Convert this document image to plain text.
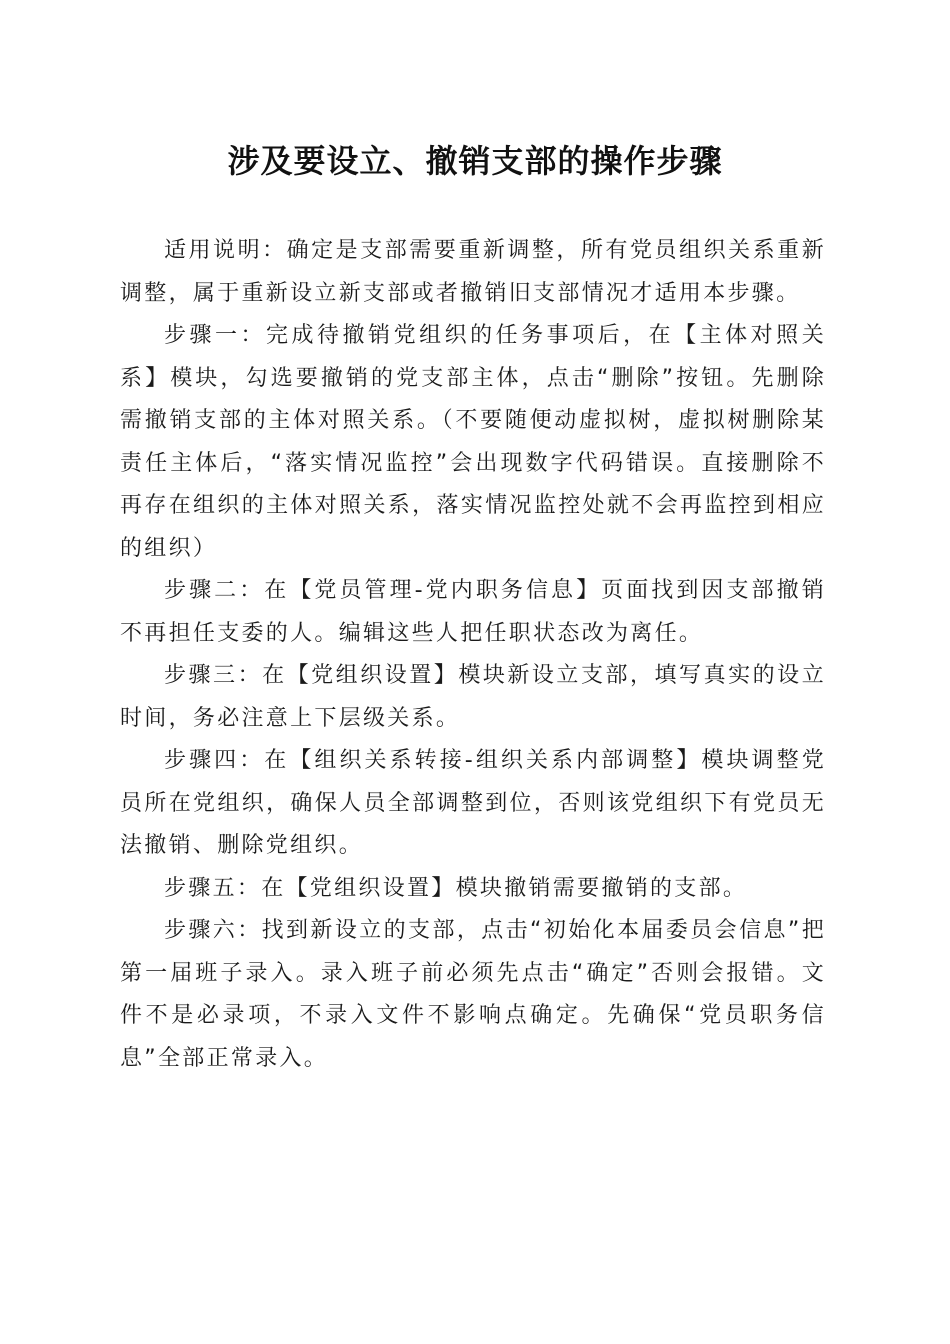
涉及要设立、撤销支部的操作步骤

适用说明：确定是支部需要重新调整，所有党员组织关系重新调整，属于重新设立新支部或者撤销旧支部情况才适用本步骤。

步骤一：完成待撤销党组织的任务事项后，在【主体对照关系】模块，勾选要撤销的党支部主体，点击“删除”按钮。先删除需撤销支部的主体对照关系。（不要随便动虚拟树，虚拟树删除某责任主体后，“落实情况监控”会出现数字代码错误。直接删除不再存在组织的主体对照关系，落实情况监控处就不会再监控到相应的组织）

步骤二：在【党员管理-党内职务信息】页面找到因支部撤销不再担任支委的人。编辑这些人把任职状态改为离任。

步骤三：在【党组织设置】模块新设立支部，填写真实的设立时间，务必注意上下层级关系。

步骤四：在【组织关系转接-组织关系内部调整】模块调整党员所在党组织，确保人员全部调整到位，否则该党组织下有党员无法撤销、删除党组织。

步骤五：在【党组织设置】模块撤销需要撤销的支部。

步骤六：找到新设立的支部，点击“初始化本届委员会信息”把第一届班子录入。录入班子前必须先点击“确定”否则会报错。文件不是必录项，不录入文件不影响点确定。先确保“党员职务信息”全部正常录入。
